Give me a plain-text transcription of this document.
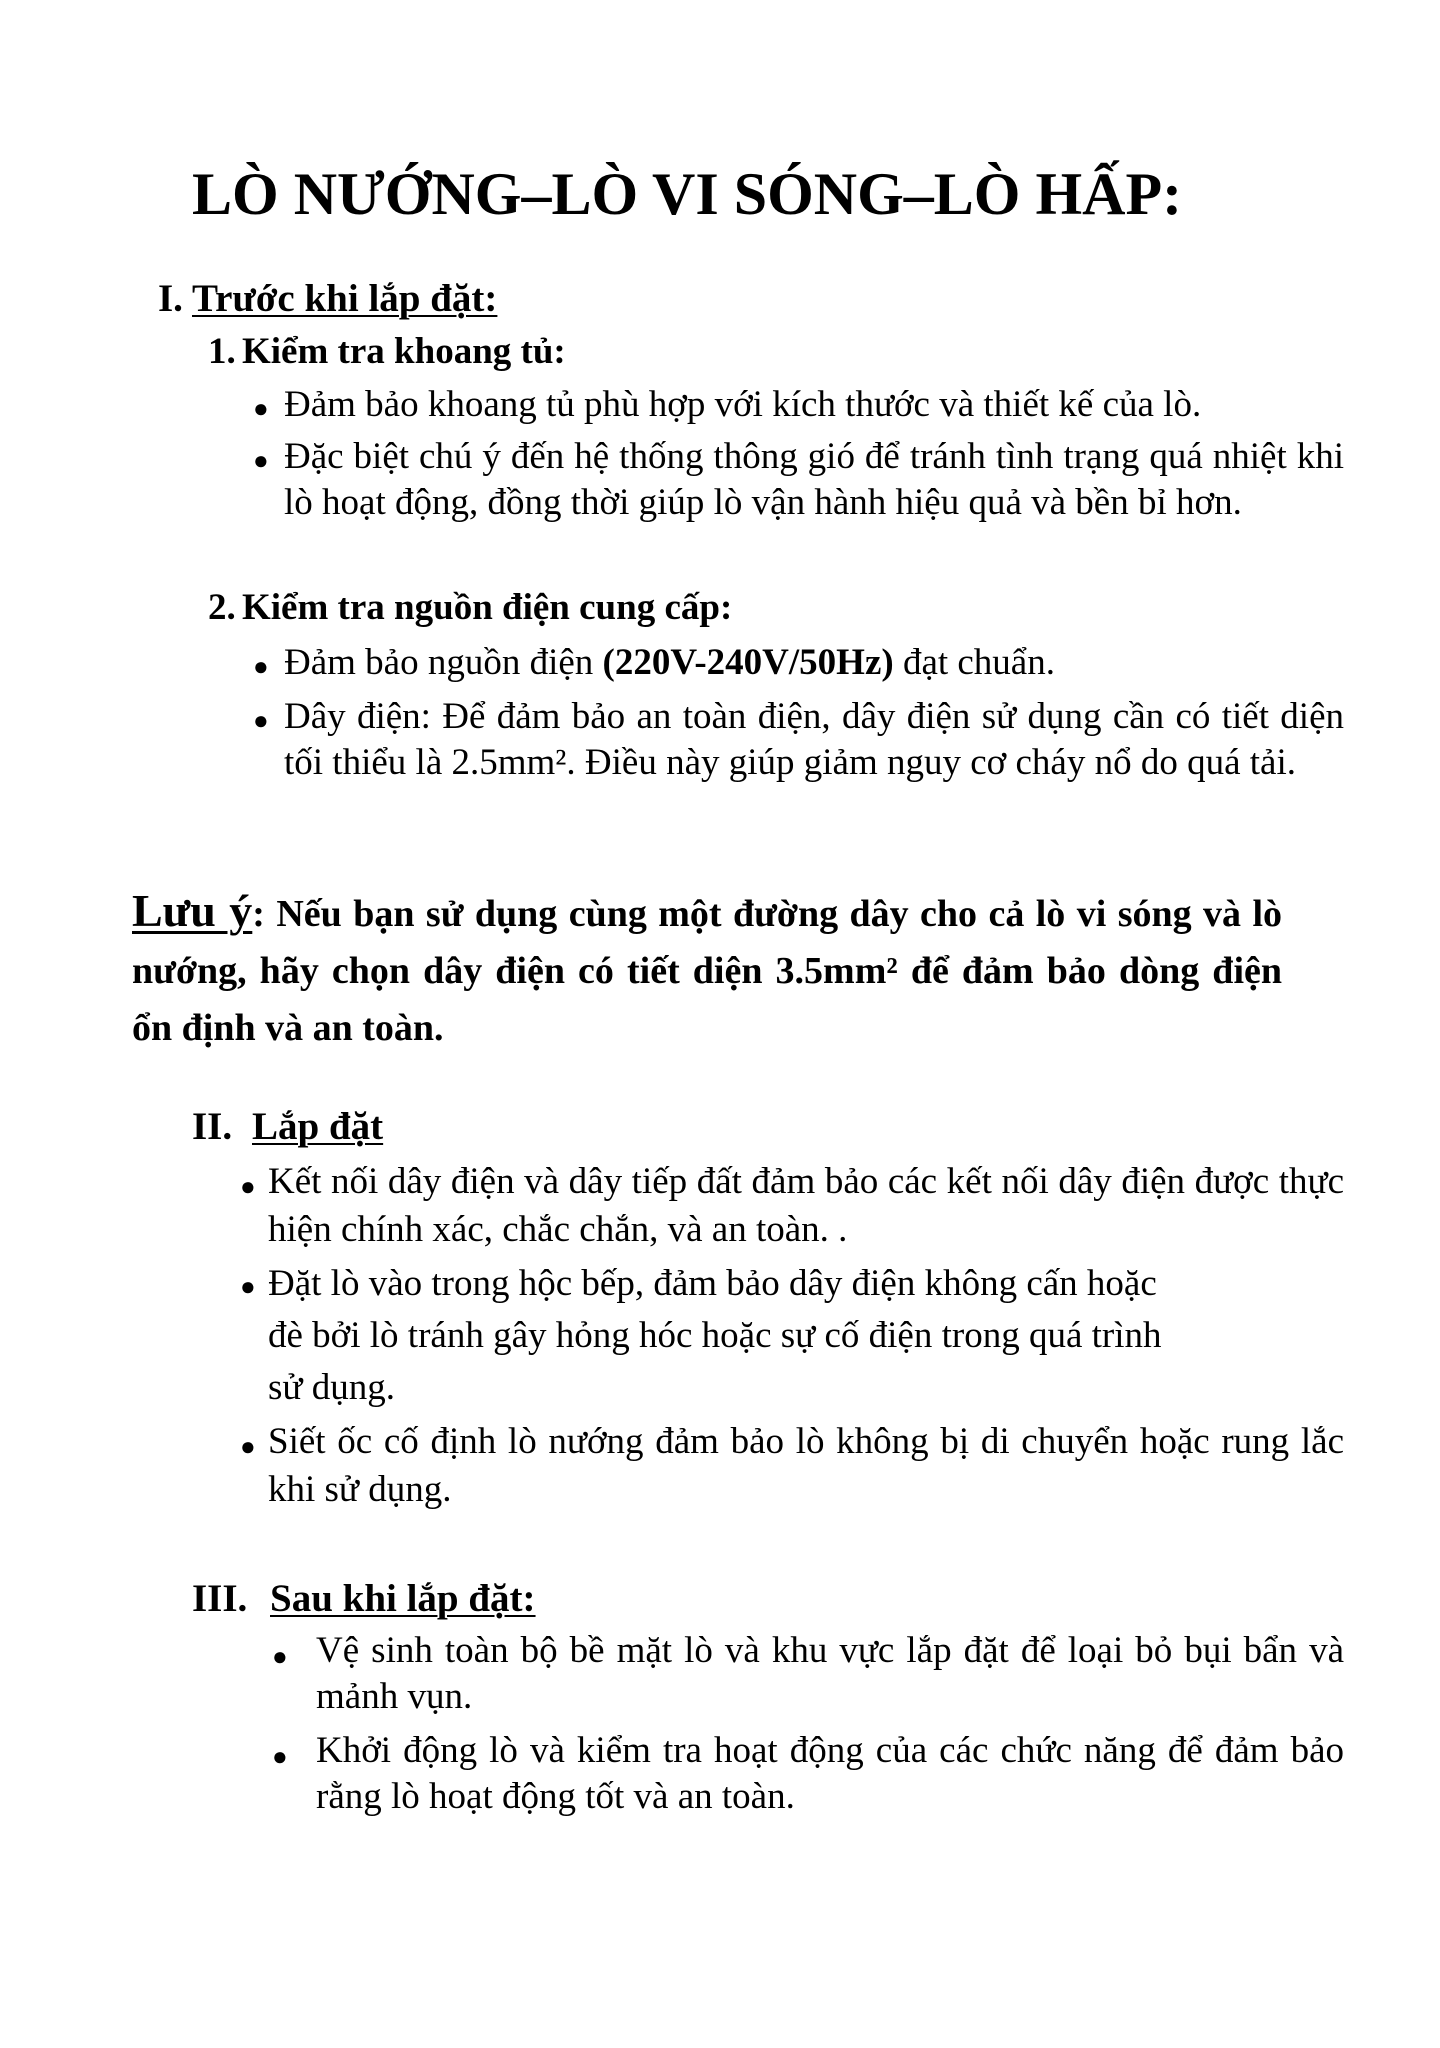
LÒ NƯỚNG–LÒ VI SÓNG–LÒ HẤP:
I. Trước khi lắp đặt:
1. Kiểm tra khoang tủ:
● Đảm bảo khoang tủ phù hợp với kích thước và thiết kế của lò.
● Đặc biệt chú ý đến hệ thống thông gió để tránh tình trạng quá nhiệt khi lò hoạt động, đồng thời giúp lò vận hành hiệu quả và bền bỉ hơn.
2. Kiểm tra nguồn điện cung cấp:
● Đảm bảo nguồn điện (220V-240V/50Hz) đạt chuẩn.
● Dây điện: Để đảm bảo an toàn điện, dây điện sử dụng cần có tiết diện tối thiểu là 2.5mm². Điều này giúp giảm nguy cơ cháy nổ do quá tải.
Lưu ý: Nếu bạn sử dụng cùng một đường dây cho cả lò vi sóng và lò nướng, hãy chọn dây điện có tiết diện 3.5mm² để đảm bảo dòng điện ổn định và an toàn.
II. Lắp đặt
● Kết nối dây điện và dây tiếp đất đảm bảo các kết nối dây điện được thực hiện chính xác, chắc chắn, và an toàn. .
● Đặt lò vào trong hộc bếp, đảm bảo dây điện không cấn hoặc
đè bởi lò tránh gây hỏng hóc hoặc sự cố điện trong quá trình
sử dụng.
● Siết ốc cố định lò nướng đảm bảo lò không bị di chuyển hoặc rung lắc khi sử dụng.
III. Sau khi lắp đặt:
● Vệ sinh toàn bộ bề mặt lò và khu vực lắp đặt để loại bỏ bụi bẩn và mảnh vụn.
● Khởi động lò và kiểm tra hoạt động của các chức năng để đảm bảo rằng lò hoạt động tốt và an toàn.
